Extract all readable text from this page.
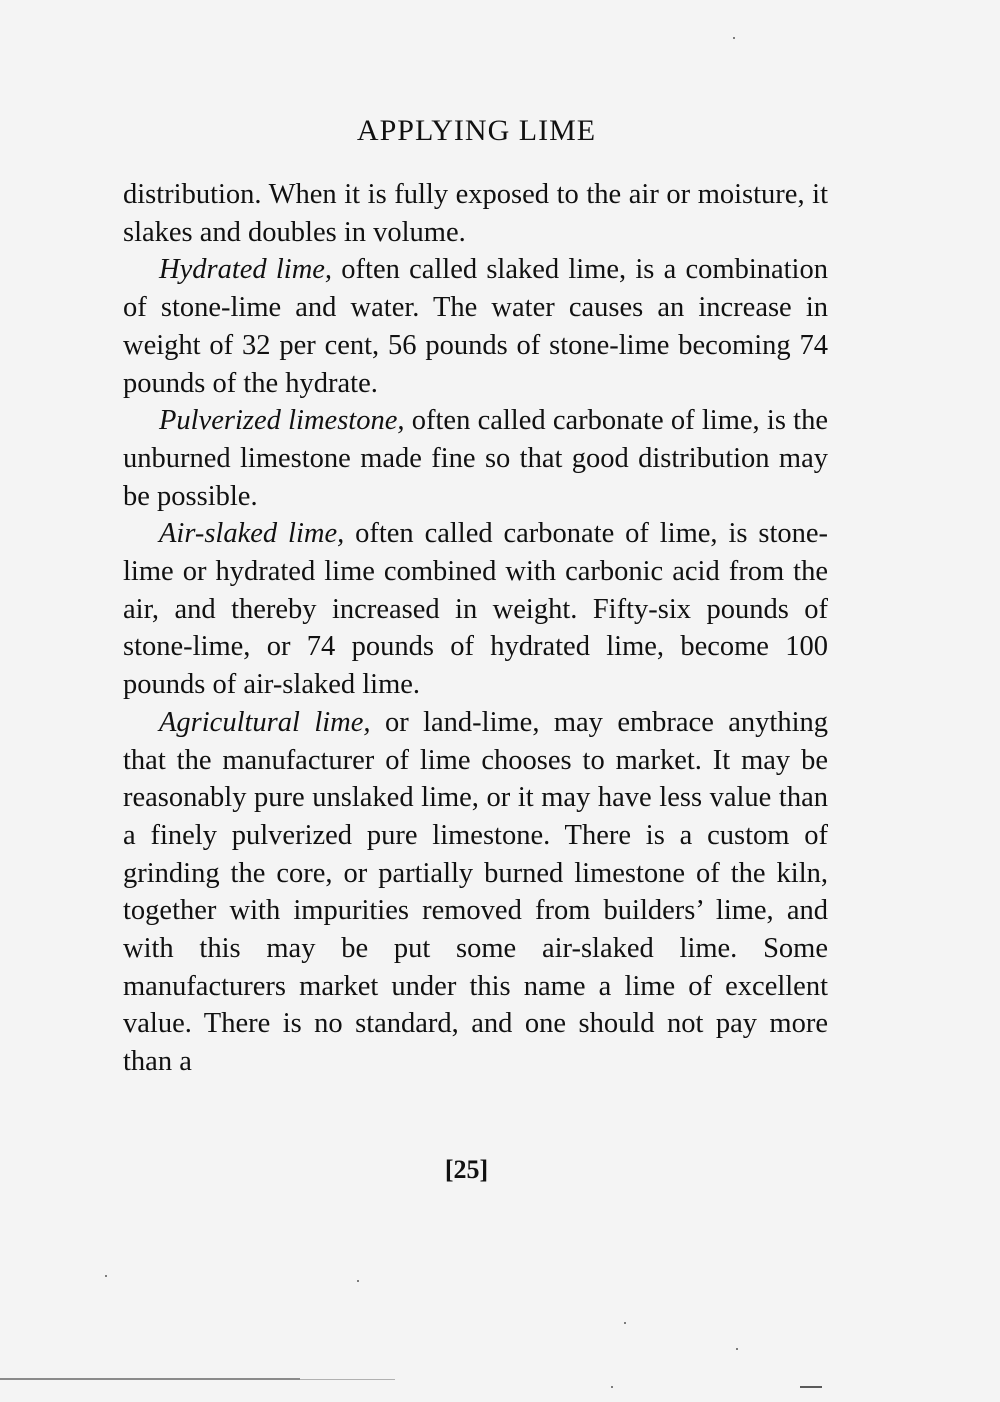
APPLYING LIME

distribution. When it is fully exposed to the air or moisture, it slakes and doubles in volume.

Hydrated lime, often called slaked lime, is a combination of stone-lime and water. The water causes an increase in weight of 32 per cent, 56 pounds of stone-lime becoming 74 pounds of the hydrate.

Pulverized limestone, often called carbonate of lime, is the unburned limestone made fine so that good distribution may be possible.

Air-slaked lime, often called carbonate of lime, is stone-lime or hydrated lime combined with carbonic acid from the air, and thereby increased in weight. Fifty-six pounds of stone-lime, or 74 pounds of hydrated lime, become 100 pounds of air-slaked lime.

Agricultural lime, or land-lime, may embrace anything that the manufacturer of lime chooses to market. It may be reasonably pure unslaked lime, or it may have less value than a finely pulverized pure limestone. There is a custom of grinding the core, or partially burned limestone of the kiln, together with impurities removed from builders’ lime, and with this may be put some air-slaked lime. Some manufacturers market under this name a lime of excellent value. There is no standard, and one should not pay more than a

[25]
